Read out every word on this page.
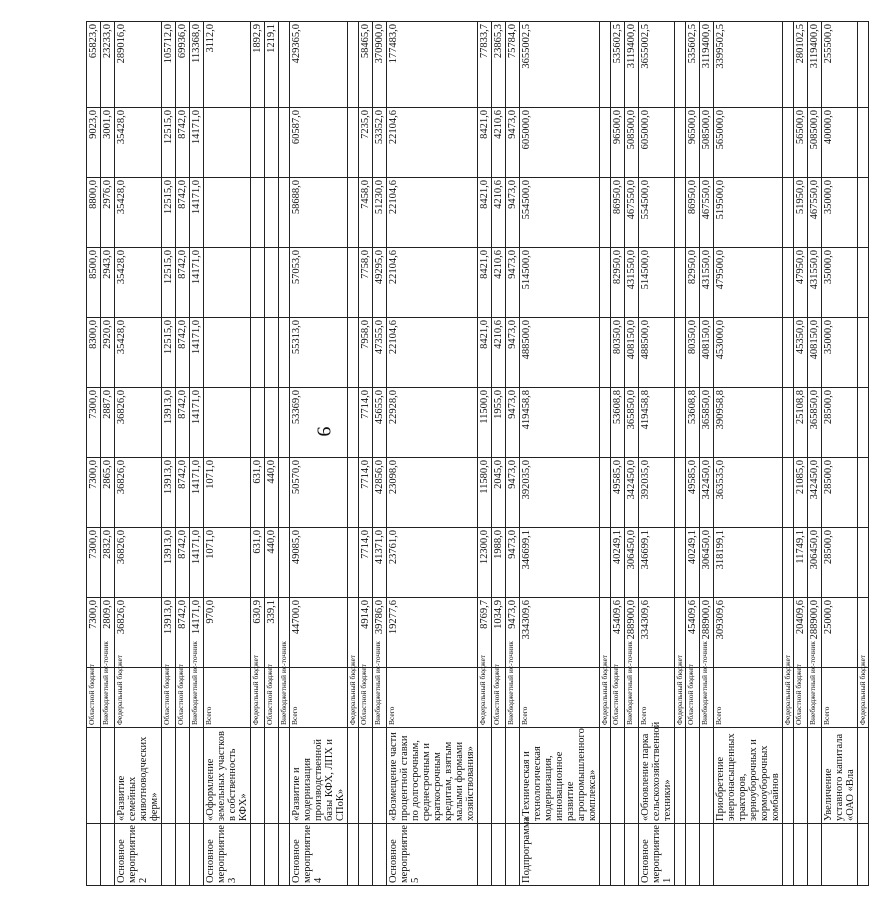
9
		Областной бюджет	7300,0	7300,0	7300,0	7300,0	8300,0	8500,0	8800,0	9023,0	65823,0
		Внебюджетный ис-точник	2809,0	2832,0	2865,0	2887,0	2920,0	2943,0	2976,0	3001,0	23233,0
Основное мероприятие 2	«Развитие семейных животноводческих ферм»	Федеральный бюджет	36826,0	36826,0	36826,0	36826,0	35428,0	35428,0	35428,0	35428,0	289016,0
		Областной бюджет	13913,0	13913,0	13913,0	13913,0	12515,0	12515,0	12515,0	12515,0	105712,0
		Областной бюджет	8742,0	8742,0	8742,0	8742,0	8742,0	8742,0	8742,0	8742,0	69936,0
		Внебюджетный ис-точник	14171,0	14171,0	14171,0	14171,0	14171,0	14171,0	14171,0	14171,0	113368,0
Основное мероприятие 3	«Оформление земельных участков в собственность КФХ»	Всего	970,0	1071,0	1071,0						3112,0
		Федеральный бюджет	630,9	631,0	631,0						1892,9
		Областной бюджет	339,1	440,0	440,0						1219,1
		Внебюджетный ис-точник									
Основное мероприятие 4	«Развитие и модернизация производственной базы КФХ, ЛПХ и СПоК»	Всего	44700,0	49085,0	50570,0	53369,0	55313,0	57053,0	58688,0	60587,0	429365,0
		Федеральный бюджет									
		Областной бюджет	4914,0	7714,0	7714,0	7714,0	7958,0	7758,0	7458,0	7235,0	58465,0
		Внебюджетный ис-точник	39786,0	41371,0	42856,0	45655,0	47355,0	49295,0	51230,0	53352,0	370900,0
Основное мероприятие 5	«Возмещение части процентной ставки по долгосрочным, среднесрочным и краткосрочным кредитам, взятым малыми формами хозяйствования»	Всего	19277,6	23761,0	23098,0	22928,0	22104,6	22104,6	22104,6	22104,6	177483,0
		Федеральный бюджет	8769,7	12300,0	11580,0	11500,0	8421,0	8421,0	8421,0	8421,0	77833,7
		Областной бюджет	1034,9	1988,0	2045,0	1955,0	4210,6	4210,6	4210,6	4210,6	23865,3
		Внебюджетный ис-точник	9473,0	9473,0	9473,0	9473,0	9473,0	9473,0	9473,0	9473,0	75784,0
Подпрограмма	«Техническая и технологическая модернизация, инновационное развитие агропромышленного комплекса»	Всего	334309,6	346699,1	392035,0	419458,8	488500,0	514500,0	554500,0	605000,0	3655002,5
		Федеральный бюджет									
		Областной бюджет	45409,6	40249,1	49585,0	53608,8	80350,0	82950,0	86950,0	96500,0	535602,5
		Внебюджетный ис-точник	288900,0	306450,0	342450,0	365850,0	408150,0	431550,0	467550,0	508500,0	3119400,0
Основное мероприятие 1	«Обновление парка сельскохозяйственной техники»	Всего	334309,6	346699,1	392035,0	419458,8	488500,0	514500,0	554500,0	605000,0	3655002,5
		Федеральный бюджет									
		Областной бюджет	45409,6	40249,1	49585,0	53608,8	80350,0	82950,0	86950,0	96500,0	535602,5
		Внебюджетный ис-точник	288900,0	306450,0	342450,0	365850,0	408150,0	431550,0	467550,0	508500,0	3119400,0
	Приобретение энергонасыщенных тракторов, зерноуборочных и кормоуборочных комбайнов	Всего	309309,6	318199,1	363535,0	390958,8	453000,0	479500,0	519500,0	565000,0	3399502,5
		Федеральный бюджет									
		Областной бюджет	20409,6	11749,1	21085,0	25108,8	45350,0	47950,0	51950,0	56500,0	280102,5
		Внебюджетный ис-точник	288900,0	306450,0	342450,0	365850,0	408150,0	431550,0	467550,0	508500,0	3119400,0
	Увеличение уставного капитала «ОАО «Вла	Всего	25000,0	28500,0	28500,0	28500,0	35000,0	35000,0	35000,0	40000,0	255500,0
		Федеральный бюджет									
